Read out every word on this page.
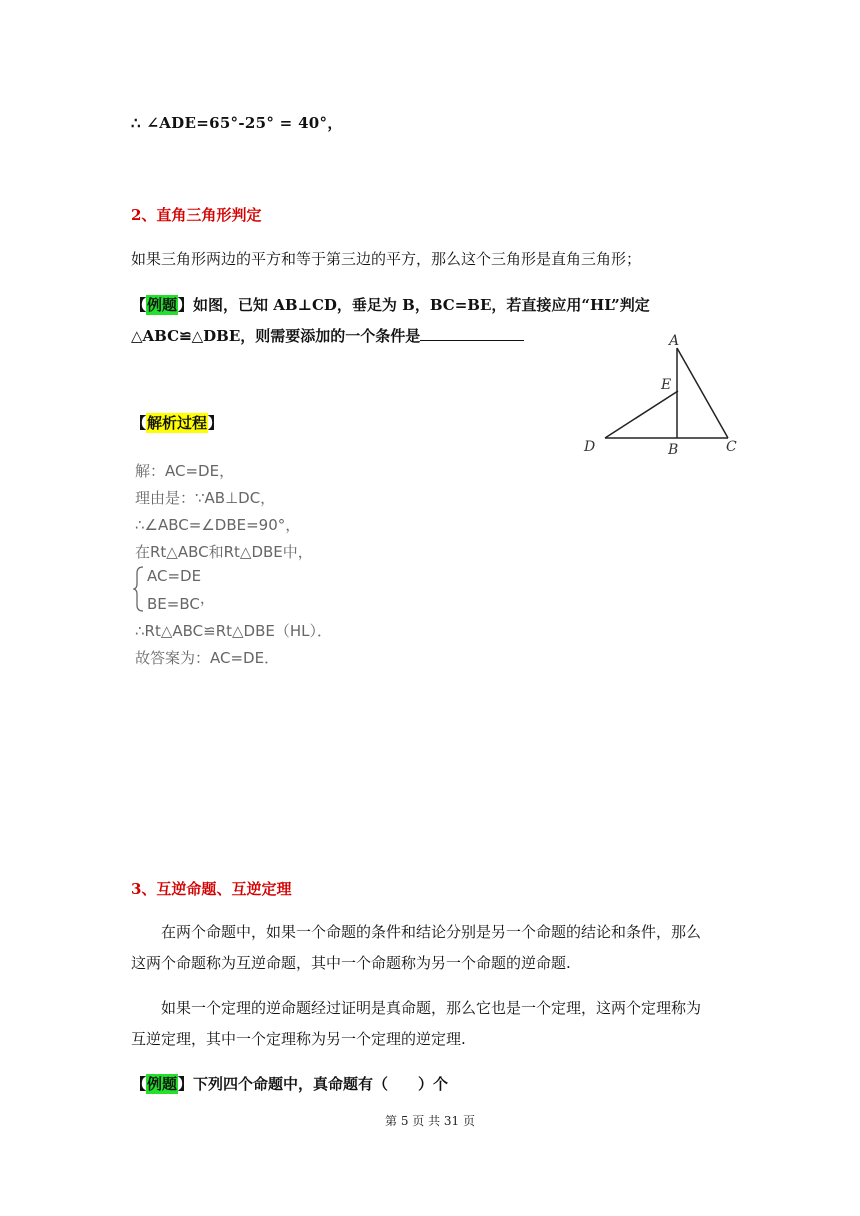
∴ ∠ADE=65°-25° = 40°，
2、直角三角形判定
如果三角形两边的平方和等于第三边的平方，那么这个三角形是直角三角形；
【例题】如图，已知 AB⊥CD，垂足为 B，BC=BE，若直接应用“HL”判定
△ABC≌△DBE，则需要添加的一个条件是	A
E
D	B	C
【解析过程】
解：AC=DE，
理由是：∵AB⊥DC，
∴∠ABC=∠DBE=90°，
在Rt△ABC和Rt△DBE中，
AC=DE
BE=BC，
∴Rt△ABC≌Rt△DBE（HL）．
故答案为：AC=DE．
3、互逆命题、互逆定理
在两个命题中，如果一个命题的条件和结论分别是另一个命题的结论和条件，那么
这两个命题称为互逆命题，其中一个命题称为另一个命题的逆命题.
如果一个定理的逆命题经过证明是真命题，那么它也是一个定理，这两个定理称为
互逆定理，其中一个定理称为另一个定理的逆定理.
【例题】下列四个命题中，真命题有（　　）个
第 5 页 共 31 页
